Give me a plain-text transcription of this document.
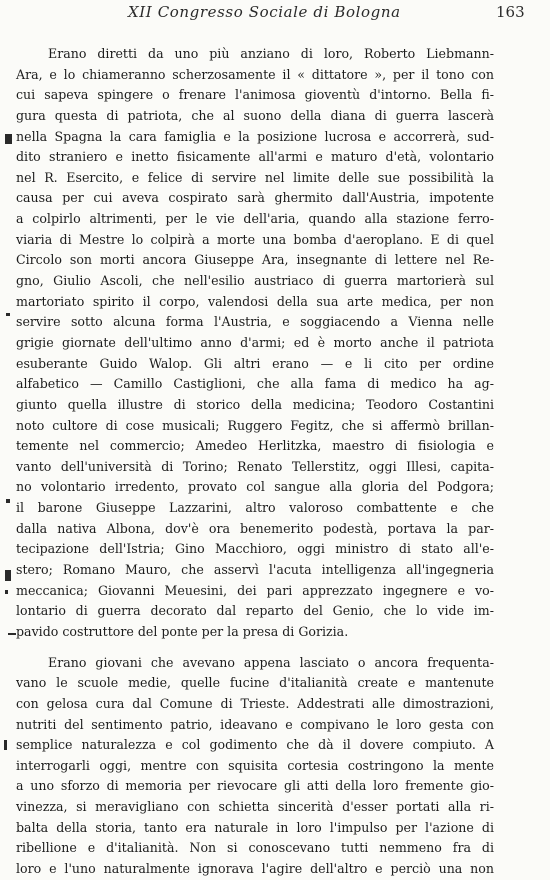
XII Congresso Sociale di Bologna	163
Erano diretti da uno più anziano di loro, Roberto Liebmann-
Ara, e lo chiameranno scherzosamente il « dittatore », per il tono con
cui sapeva spingere o frenare l'animosa gioventù d'intorno. Bella fi-
gura questa di patriota, che al suono della diana di guerra lascerà
nella Spagna la cara famiglia e la posizione lucrosa e accorrerà, sud-
dito straniero e inetto fisicamente all'armi e maturo d'età, volontario
nel R. Esercito, e felice di servire nel limite delle sue possibilità la
causa per cui aveva cospirato sarà ghermito dall'Austria, impotente
a colpirlo altrimenti, per le vie dell'aria, quando alla stazione ferro-
viaria di Mestre lo colpirà a morte una bomba d'aeroplano. E di quel
Circolo son morti ancora Giuseppe Ara, insegnante di lettere nel Re-
gno, Giulio Ascoli, che nell'esilio austriaco di guerra martorierà sul
martoriato spirito il corpo, valendosi della sua arte medica, per non
servire sotto alcuna forma l'Austria, e soggiacendo a Vienna nelle
grigie giornate dell'ultimo anno d'armi; ed è morto anche il patriota
esuberante Guido Walop. Gli altri erano — e li cito per ordine
alfabetico — Camillo Castiglioni, che alla fama di medico ha ag-
giunto quella illustre di storico della medicina; Teodoro Costantini
noto cultore di cose musicali; Ruggero Fegitz, che si affermò brillan-
temente nel commercio; Amedeo Herlitzka, maestro di fisiologia e
vanto dell'università di Torino; Renato Tellerstitz, oggi Illesi, capita-
no volontario irredento, provato col sangue alla gloria del Podgora;
il barone Giuseppe Lazzarini, altro valoroso combattente e che
dalla nativa Albona, dov'è ora benemerito podestà, portava la par-
tecipazione dell'Istria; Gino Macchioro, oggi ministro di stato all'e-
stero; Romano Mauro, che asservì l'acuta intelligenza all'ingegneria
meccanica; Giovanni Meuesini, dei pari apprezzato ingegnere e vo-
lontario di guerra decorato dal reparto del Genio, che lo vide im-
pavido costruttore del ponte per la presa di Gorizia.
Erano giovani che avevano appena lasciato o ancora frequenta-
vano le scuole medie, quelle fucine d'italianità create e mantenute
con gelosa cura dal Comune di Trieste. Addestrati alle dimostrazioni,
nutriti del sentimento patrio, ideavano e compivano le loro gesta con
semplice naturalezza e col godimento che dà il dovere compiuto. A
interrogarli oggi, mentre con squisita cortesia costringono la mente
a uno sforzo di memoria per rievocare gli atti della loro fremente gio-
vinezza, si meravigliano con schietta sincerità d'esser portati alla ri-
balta della storia, tanto era naturale in loro l'impulso per l'azione di
ribellione e d'italianità. Non si conoscevano tutti nemmeno fra di
loro e l'uno naturalmente ignorava l'agire dell'altro e perciò una non
